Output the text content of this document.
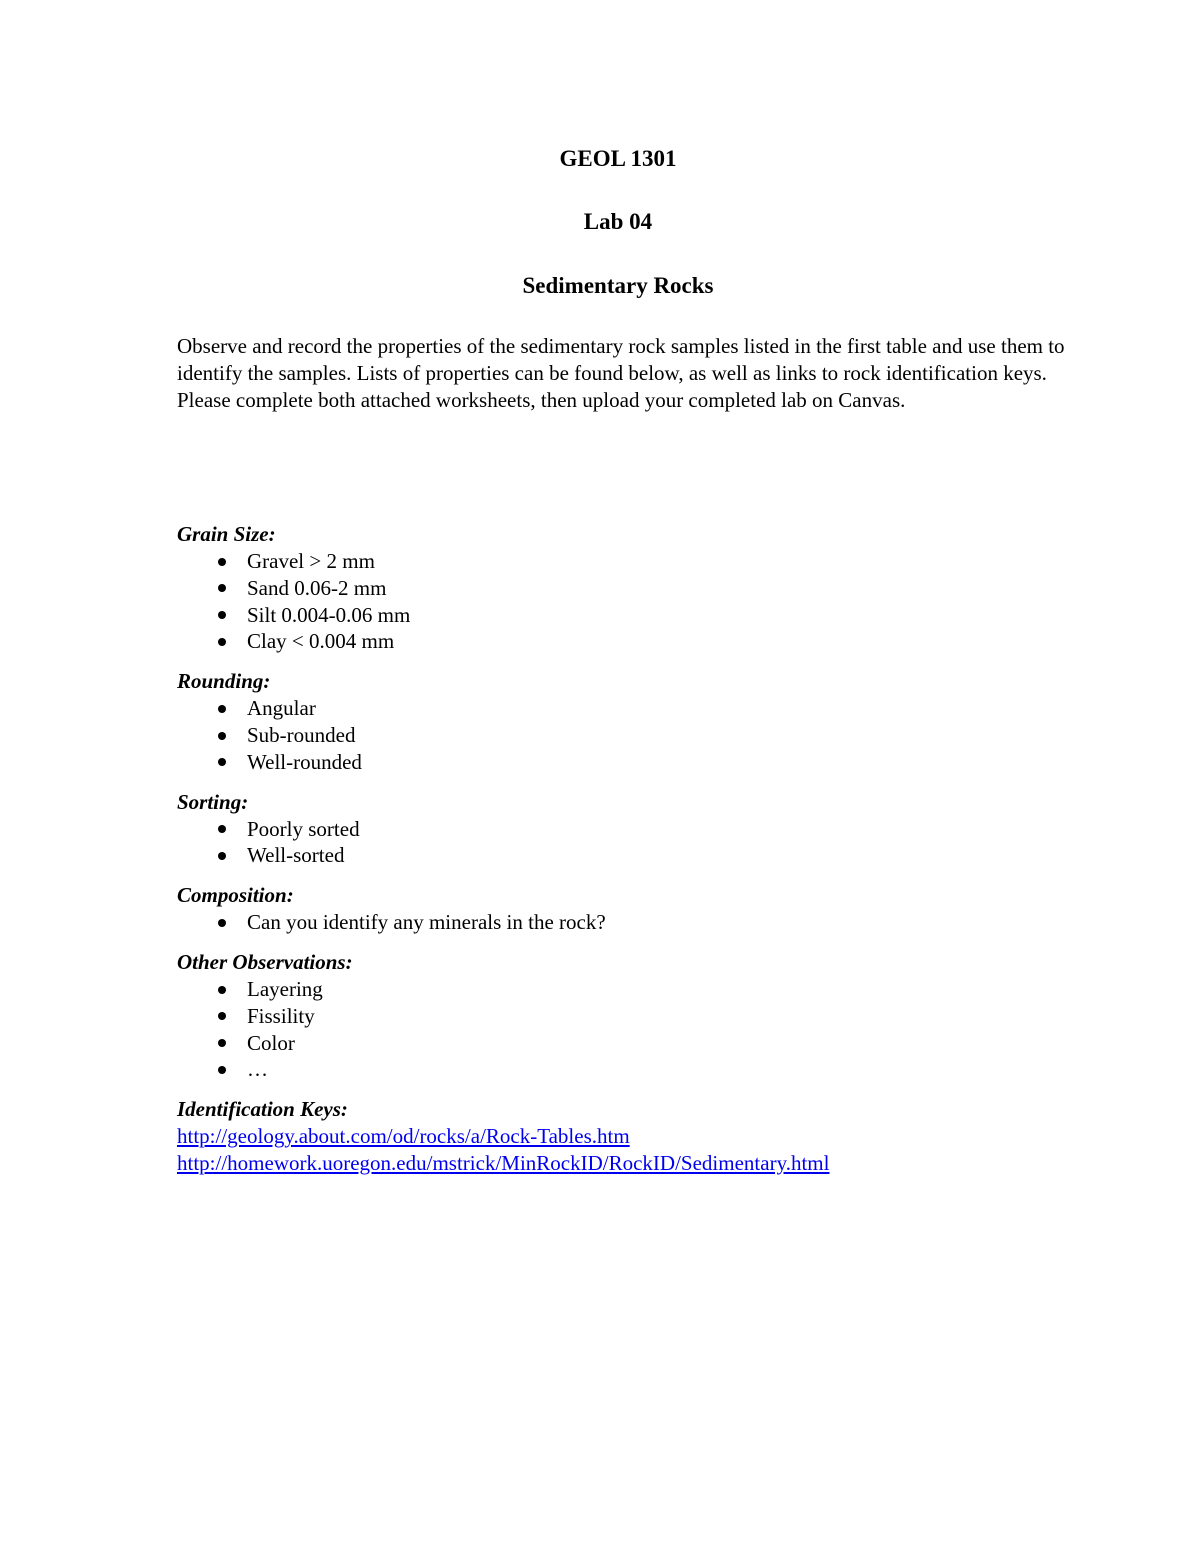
GEOL 1301
Lab 04
Sedimentary Rocks

Observe and record the properties of the sedimentary rock samples listed in the first table and use them to identify the samples. Lists of properties can be found below, as well as links to rock identification keys. Please complete both attached worksheets, then upload your completed lab on Canvas.

Grain Size:

Gravel > 2 mm
Sand 0.06-2 mm
Silt 0.004-0.06 mm
Clay < 0.004 mm

Rounding:

Angular
Sub-rounded
Well-rounded

Sorting:

Poorly sorted
Well-sorted

Composition:

Can you identify any minerals in the rock?

Other Observations:

Layering
Fissility
Color
…

Identification Keys:

http://geology.about.com/od/rocks/a/Rock-Tables.htm
http://homework.uoregon.edu/mstrick/MinRockID/RockID/Sedimentary.html
